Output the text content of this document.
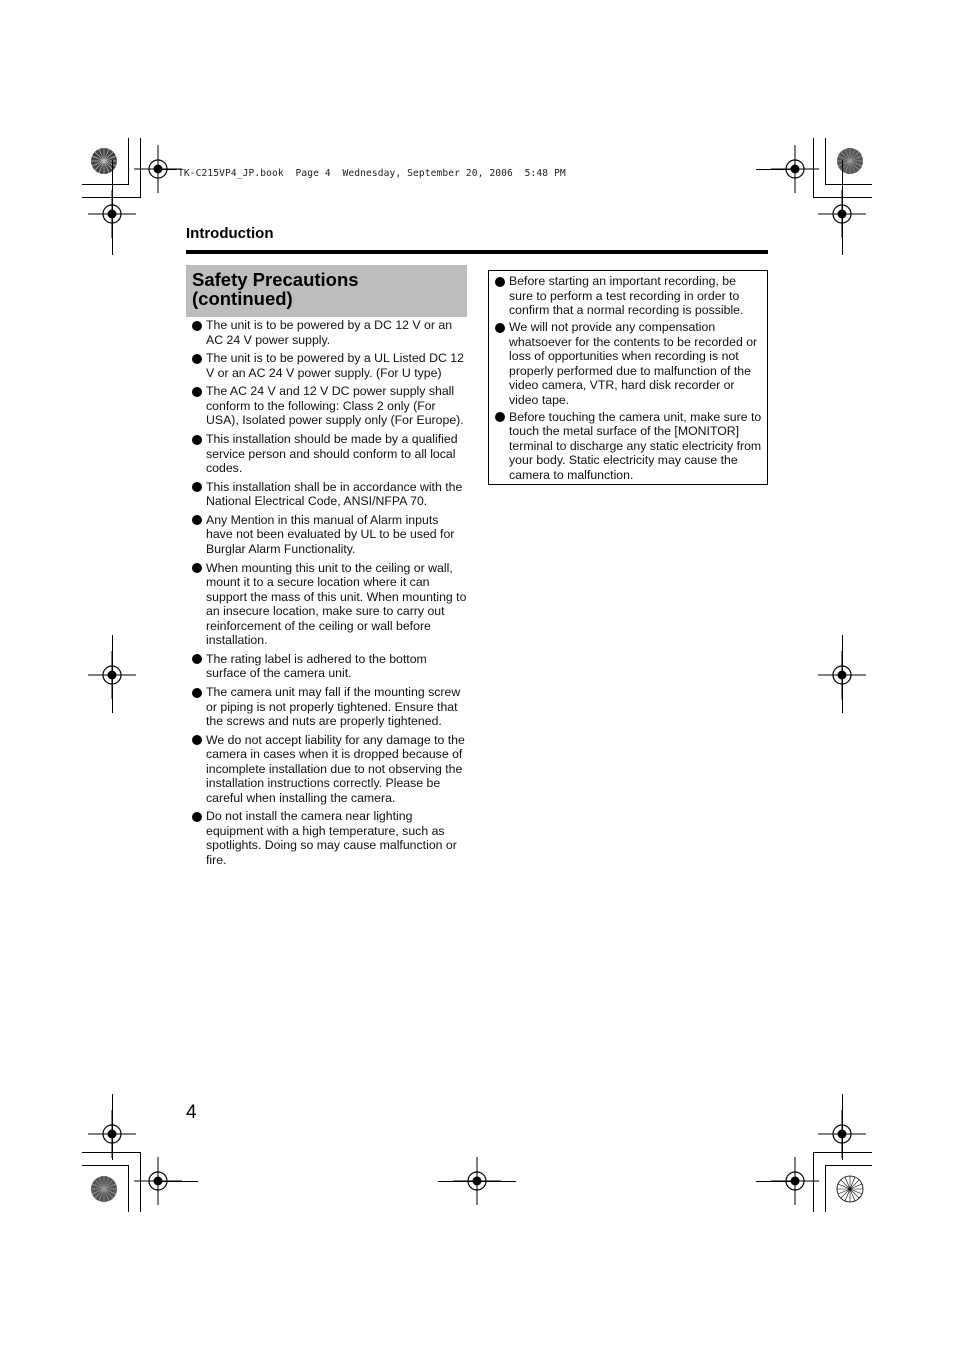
TK-C215VP4_JP.book  Page 4  Wednesday, September 20, 2006  5:48 PM
Introduction
Safety Precautions (continued)
The unit is to be powered by a DC 12 V or an AC 24 V power supply.
The unit is to be powered by a UL Listed DC 12 V or an AC 24 V power supply. (For U type)
The AC 24 V and 12 V DC power supply shall conform to the following: Class 2 only (For USA), Isolated power supply only (For Europe).
This installation should be made by a qualified service person and should conform to all local codes.
This installation shall be in accordance with the National Electrical Code, ANSI/NFPA 70.
Any Mention in this manual of Alarm inputs have not been evaluated by UL to be used for Burglar Alarm Functionality.
When mounting this unit to the ceiling or wall, mount it to a secure location where it can support the mass of this unit. When mounting to an insecure location, make sure to carry out reinforcement of the ceiling or wall before installation.
The rating label is adhered to the bottom surface of the camera unit.
The camera unit may fall if the mounting screw or piping is not properly tightened. Ensure that the screws and nuts are properly tightened.
We do not accept liability for any damage to the camera in cases when it is dropped because of incomplete installation due to not observing the installation instructions correctly. Please be careful when installing the camera.
Do not install the camera near lighting equipment with a high temperature, such as spotlights. Doing so may cause malfunction or fire.
Before starting an important recording, be sure to perform a test recording in order to confirm that a normal recording is possible.
We will not provide any compensation whatsoever for the contents to be recorded or loss of opportunities when recording is not properly performed due to malfunction of the video camera, VTR, hard disk recorder or video tape.
Before touching the camera unit, make sure to touch the metal surface of the [MONITOR] terminal to discharge any static electricity from your body. Static electricity may cause the camera to malfunction.
4
